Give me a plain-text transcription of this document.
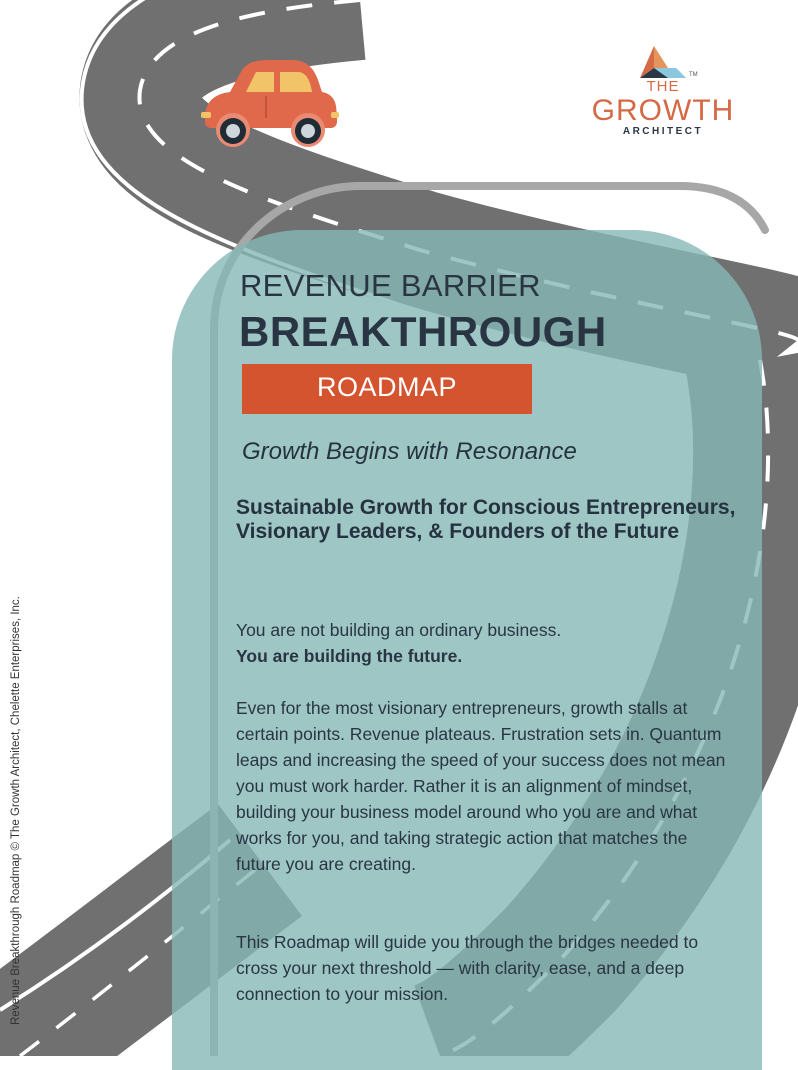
TM
THE
GROWTH
ARCHITECT
REVENUE BARRIER
BREAKTHROUGH
ROADMAP
Growth Begins with Resonance
Sustainable Growth for Conscious Entrepreneurs, Visionary Leaders, & Founders of the Future
You are not building an ordinary business.
You are building the future.
Even for the most visionary entrepreneurs, growth stalls at certain points. Revenue plateaus. Frustration sets in. Quantum leaps and increasing the speed of your success does not mean you must work harder. Rather it is an alignment of mindset, building your business model around who you are and what works for you, and taking strategic action that matches the future you are creating.
This Roadmap will guide you through the bridges needed to cross your next threshold — with clarity, ease, and a deep connection to your mission.
Revenue Breakthrough Roadmap © The Growth Architect, Chelette Enterprises, Inc.
